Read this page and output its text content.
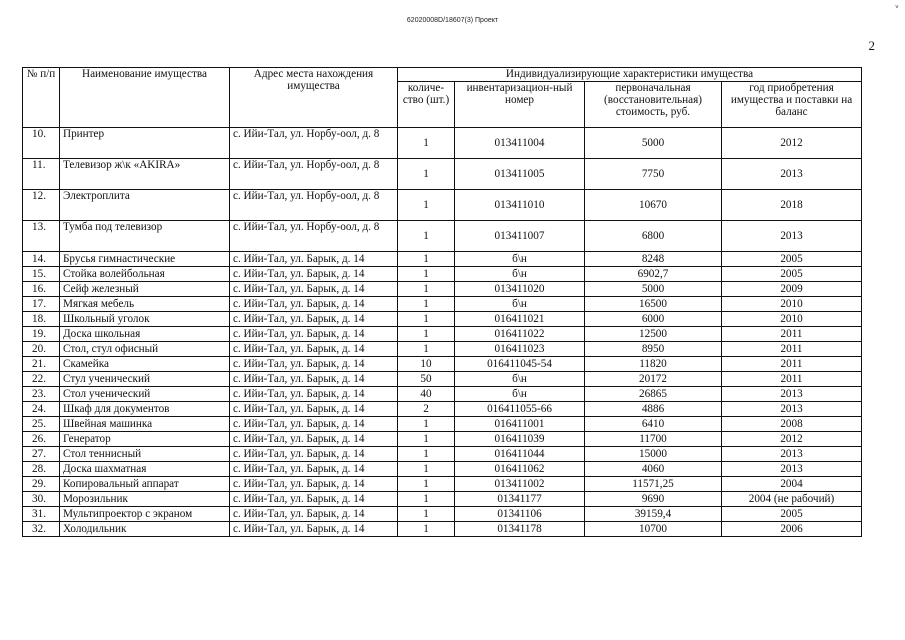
62020008D/18607(3) Проект
ᵛ
2
№ п/п	Наименование имущества	Адрес места нахождения имущества	Индивидуализирующие характеристики имущества			
			количе-ство (шт.)	инвентаризацион-ный номер	первоначальная (восстановительная) стоимость, руб.	год приобретения имущества и поставки на баланс
10.	Принтер	с. Ийи-Тал, ул. Норбу-оол, д. 8	1	013411004	5000	2012
11.	Телевизор ж\к «AKIRA»	с. Ийи-Тал, ул. Норбу-оол, д. 8	1	013411005	7750	2013
12.	Электроплита	с. Ийи-Тал, ул. Норбу-оол, д. 8	1	013411010	10670	2018
13.	Тумба под телевизор	с. Ийи-Тал, ул. Норбу-оол, д. 8	1	013411007	6800	2013
14.	Брусья гимнастические	с. Ийи-Тал, ул. Барык, д. 14	1	б\н	8248	2005
15.	Стойка волейбольная	с. Ийи-Тал, ул. Барык, д. 14	1	б\н	6902,7	2005
16.	Сейф железный	с. Ийи-Тал, ул. Барык, д. 14	1	013411020	5000	2009
17.	Мягкая мебель	с. Ийи-Тал, ул. Барык, д. 14	1	б\н	16500	2010
18.	Школьный уголок	с. Ийи-Тал, ул. Барык, д. 14	1	016411021	6000	2010
19.	Доска школьная	с. Ийи-Тал, ул. Барык, д. 14	1	016411022	12500	2011
20.	Стол, стул офисный	с. Ийи-Тал, ул. Барык, д. 14	1	016411023	8950	2011
21.	Скамейка	с. Ийи-Тал, ул. Барык, д. 14	10	016411045-54	11820	2011
22.	Стул ученический	с. Ийи-Тал, ул. Барык, д. 14	50	б\н	20172	2011
23.	Стол ученический	с. Ийи-Тал, ул. Барык, д. 14	40	б\н	26865	2013
24.	Шкаф для документов	с. Ийи-Тал, ул. Барык, д. 14	2	016411055-66	4886	2013
25.	Швейная машинка	с. Ийи-Тал, ул. Барык, д. 14	1	016411001	6410	2008
26.	Генератор	с. Ийи-Тал, ул. Барык, д. 14	1	016411039	11700	2012
27.	Стол теннисный	с. Ийи-Тал, ул. Барык, д. 14	1	016411044	15000	2013
28.	Доска шахматная	с. Ийи-Тал, ул. Барык, д. 14	1	016411062	4060	2013
29.	Копировальный аппарат	с. Ийи-Тал, ул. Барык, д. 14	1	013411002	11571,25	2004
30.	Морозильник	с. Ийи-Тал, ул. Барык, д. 14	1	01341177	9690	2004 (не рабочий)
31.	Мультипроектор с экраном	с. Ийи-Тал, ул. Барык, д. 14	1	01341106	39159,4	2005
32.	Холодильник	с. Ийи-Тал, ул. Барык, д. 14	1	01341178	10700	2006
